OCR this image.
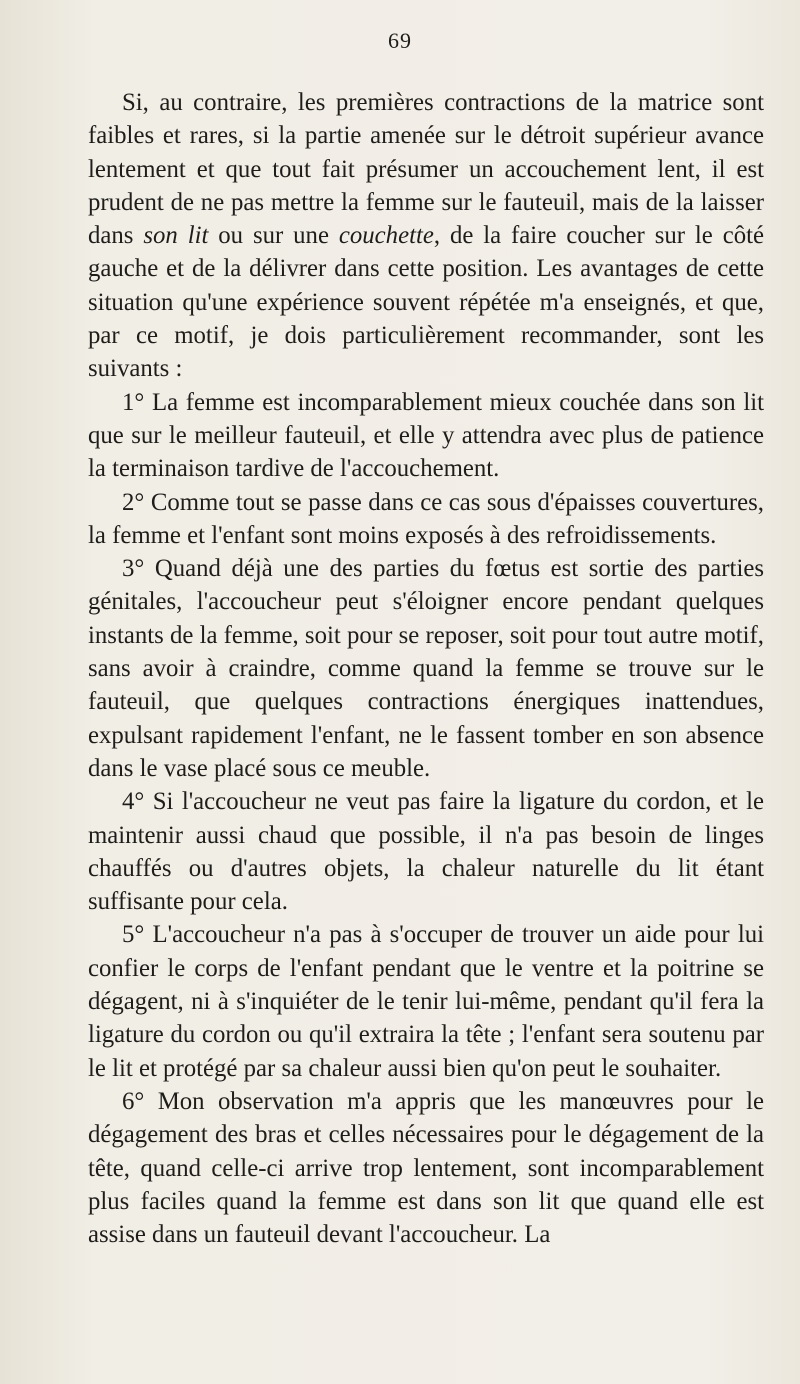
69

Si, au contraire, les premières contractions de la matrice sont faibles et rares, si la partie amenée sur le détroit supérieur avance lentement et que tout fait présumer un accouchement lent, il est prudent de ne pas mettre la femme sur le fauteuil, mais de la laisser dans son lit ou sur une couchette, de la faire coucher sur le côté gauche et de la délivrer dans cette position. Les avantages de cette situation qu'une expérience souvent répétée m'a enseignés, et que, par ce motif, je dois particulièrement recommander, sont les suivants :

1° La femme est incomparablement mieux couchée dans son lit que sur le meilleur fauteuil, et elle y attendra avec plus de patience la terminaison tardive de l'accouchement.

2° Comme tout se passe dans ce cas sous d'épaisses couvertures, la femme et l'enfant sont moins exposés à des refroidissements.

3° Quand déjà une des parties du fœtus est sortie des parties génitales, l'accoucheur peut s'éloigner encore pendant quelques instants de la femme, soit pour se reposer, soit pour tout autre motif, sans avoir à craindre, comme quand la femme se trouve sur le fauteuil, que quelques contractions énergiques inattendues, expulsant rapidement l'enfant, ne le fassent tomber en son absence dans le vase placé sous ce meuble.

4° Si l'accoucheur ne veut pas faire la ligature du cordon, et le maintenir aussi chaud que possible, il n'a pas besoin de linges chauffés ou d'autres objets, la chaleur naturelle du lit étant suffisante pour cela.

5° L'accoucheur n'a pas à s'occuper de trouver un aide pour lui confier le corps de l'enfant pendant que le ventre et la poitrine se dégagent, ni à s'inquiéter de le tenir lui-même, pendant qu'il fera la ligature du cordon ou qu'il extraira la tête ; l'enfant sera soutenu par le lit et protégé par sa chaleur aussi bien qu'on peut le souhaiter.

6° Mon observation m'a appris que les manœuvres pour le dégagement des bras et celles nécessaires pour le dégagement de la tête, quand celle-ci arrive trop lentement, sont incomparablement plus faciles quand la femme est dans son lit que quand elle est assise dans un fauteuil devant l'accoucheur. La
